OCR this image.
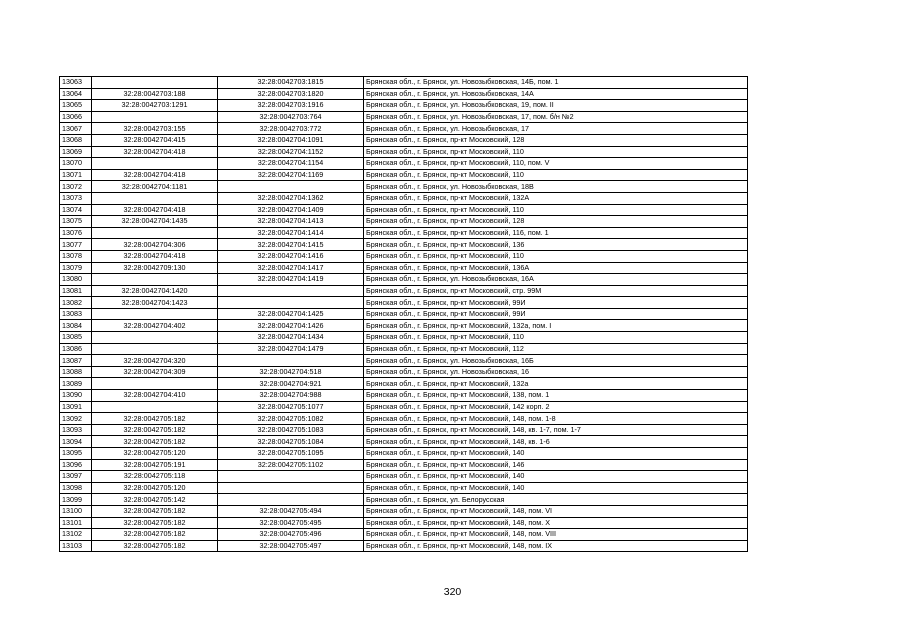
13063		32:28:0042703:1815	Брянская обл., г. Брянск, ул. Новозыбковская, 14Б, пом. 1
13064	32:28:0042703:188	32:28:0042703:1820	Брянская обл., г. Брянск, ул. Новозыбковская, 14А
13065	32:28:0042703:1291	32:28:0042703:1916	Брянская обл., г. Брянск, ул. Новозыбковская, 19, пом. II
13066		32:28:0042703:764	Брянская обл., г. Брянск, ул. Новозыбковская, 17, пом. б/н №2
13067	32:28:0042703:155	32:28:0042703:772	Брянская обл., г. Брянск, ул. Новозыбковская, 17
13068	32:28:0042704:415	32:28:0042704:1091	Брянская обл., г. Брянск, пр-кт Московский, 128
13069	32:28:0042704:418	32:28:0042704:1152	Брянская обл., г. Брянск, пр-кт Московский, 110
13070		32:28:0042704:1154	Брянская обл., г. Брянск, пр-кт Московский, 110, пом. V
13071	32:28:0042704:418	32:28:0042704:1169	Брянская обл., г. Брянск, пр-кт Московский, 110
13072	32:28:0042704:1181		Брянская обл., г. Брянск, ул. Новозыбковская, 18В
13073		32:28:0042704:1362	Брянская обл., г. Брянск, пр-кт Московский, 132А
13074	32:28:0042704:418	32:28:0042704:1409	Брянская обл., г. Брянск, пр-кт Московский, 110
13075	32:28:0042704:1435	32:28:0042704:1413	Брянская обл., г. Брянск, пр-кт Московский, 128
13076		32:28:0042704:1414	Брянская обл., г. Брянск, пр-кт Московский, 116, пом. 1
13077	32:28:0042704:306	32:28:0042704:1415	Брянская обл., г. Брянск, пр-кт Московский, 136
13078	32:28:0042704:418	32:28:0042704:1416	Брянская обл., г. Брянск, пр-кт Московский, 110
13079	32:28:0042709:130	32:28:0042704:1417	Брянская обл., г. Брянск, пр-кт Московский, 136А
13080		32:28:0042704:1419	Брянская обл., г. Брянск, ул. Новозыбковская, 16А
13081	32:28:0042704:1420		Брянская обл., г. Брянск, пр-кт Московский, стр. 99М
13082	32:28:0042704:1423		Брянская обл., г. Брянск, пр-кт Московский, 99И
13083		32:28:0042704:1425	Брянская обл., г. Брянск, пр-кт Московский, 99И
13084	32:28:0042704:402	32:28:0042704:1426	Брянская обл., г. Брянск, пр-кт Московский, 132а, пом. I
13085		32:28:0042704:1434	Брянская обл., г. Брянск, пр-кт Московский, 110
13086		32:28:0042704:1479	Брянская обл., г. Брянск, пр-кт Московский, 112
13087	32:28:0042704:320		Брянская обл., г. Брянск, ул. Новозыбковская, 16Б
13088	32:28:0042704:309	32:28:0042704:518	Брянская обл., г. Брянск, ул. Новозыбковская, 16
13089		32:28:0042704:921	Брянская обл., г. Брянск, пр-кт Московский, 132а
13090	32:28:0042704:410	32:28:0042704:988	Брянская обл., г. Брянск, пр-кт Московский, 138, пом. 1
13091		32:28:0042705:1077	Брянская обл., г. Брянск, пр-кт Московский, 142 корп. 2
13092	32:28:0042705:182	32:28:0042705:1082	Брянская обл., г. Брянск, пр-кт Московский, 148, пом. 1-8
13093	32:28:0042705:182	32:28:0042705:1083	Брянская обл., г. Брянск, пр-кт Московский, 148, кв. 1-7, пом. 1-7
13094	32:28:0042705:182	32:28:0042705:1084	Брянская обл., г. Брянск, пр-кт Московский, 148, кв. 1-6
13095	32:28:0042705:120	32:28:0042705:1095	Брянская обл., г. Брянск, пр-кт Московский, 140
13096	32:28:0042705:191	32:28:0042705:1102	Брянская обл., г. Брянск, пр-кт Московский, 146
13097	32:28:0042705:118		Брянская обл., г. Брянск, пр-кт Московский, 140
13098	32:28:0042705:120		Брянская обл., г. Брянск, пр-кт Московский, 140
13099	32:28:0042705:142		Брянская обл., г. Брянск, ул. Белорусская
13100	32:28:0042705:182	32:28:0042705:494	Брянская обл., г. Брянск, пр-кт Московский, 148, пом. VI
13101	32:28:0042705:182	32:28:0042705:495	Брянская обл., г. Брянск, пр-кт Московский, 148, пом. X
13102	32:28:0042705:182	32:28:0042705:496	Брянская обл., г. Брянск, пр-кт Московский, 148, пом. VIII
13103	32:28:0042705:182	32:28:0042705:497	Брянская обл., г. Брянск, пр-кт Московский, 148, пом. IX
320
